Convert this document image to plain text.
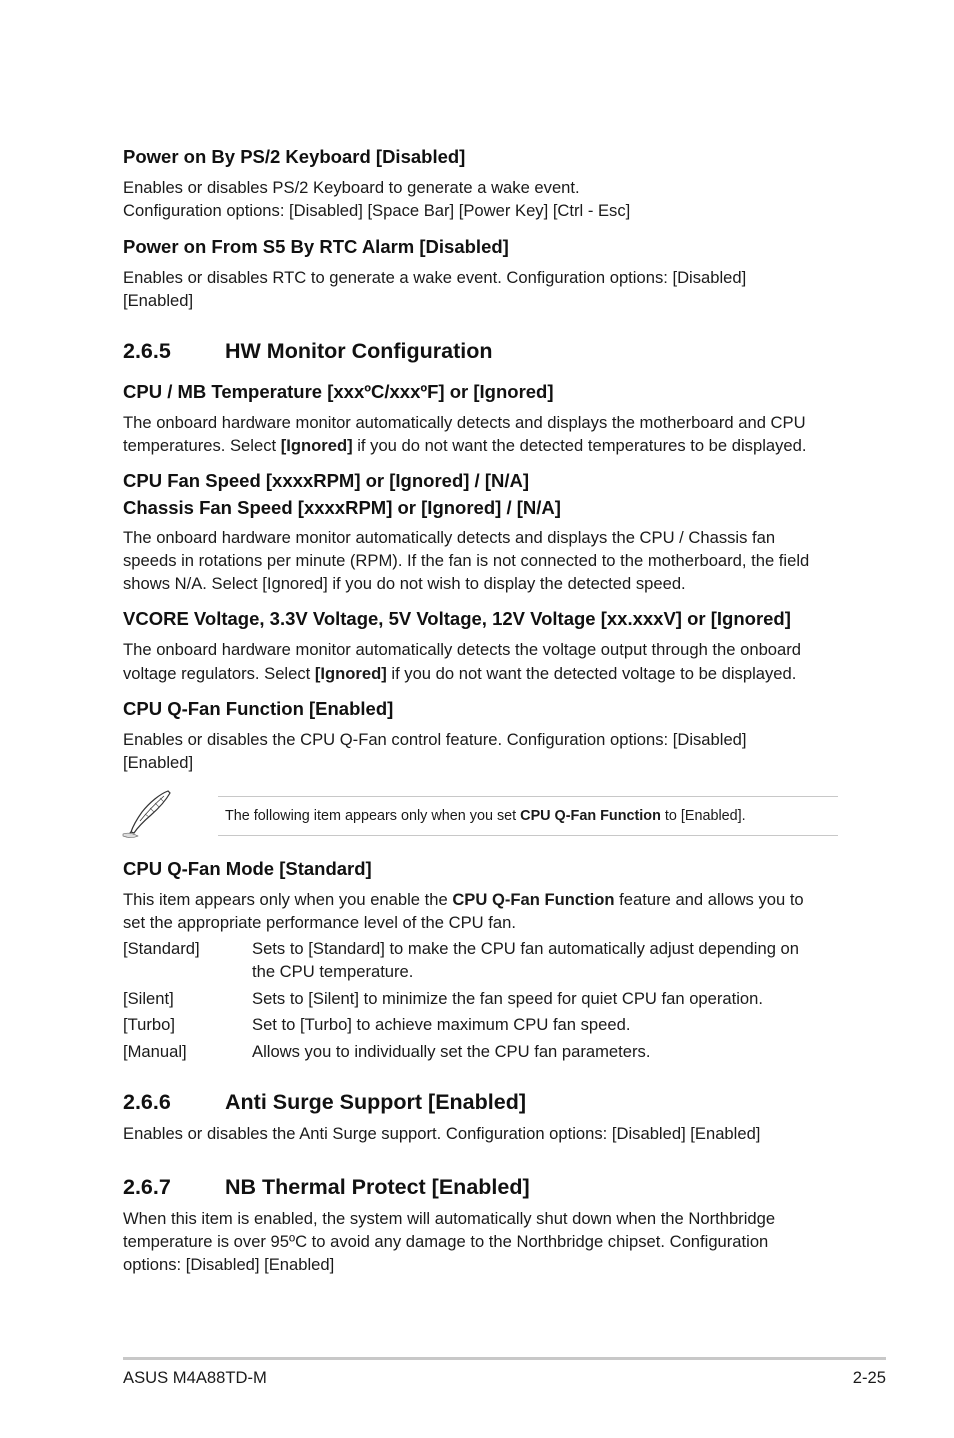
Power on By PS/2 Keyboard [Disabled]
Enables or disables PS/2 Keyboard to generate a wake event.
Configuration options: [Disabled] [Space Bar] [Power Key] [Ctrl - Esc]
Power on From S5 By RTC Alarm [Disabled]
Enables or disables RTC to generate a wake event. Configuration options: [Disabled]
[Enabled]
2.6.5	HW Monitor Configuration
CPU / MB Temperature [xxxºC/xxxºF] or [Ignored]
The onboard hardware monitor automatically detects and displays the motherboard and CPU
temperatures. Select [Ignored] if you do not want the detected temperatures to be displayed.
CPU Fan Speed [xxxxRPM] or [Ignored] / [N/A]
Chassis Fan Speed [xxxxRPM] or [Ignored] / [N/A]
The onboard hardware monitor automatically detects and displays the CPU / Chassis fan
speeds in rotations per minute (RPM). If the fan is not connected to the motherboard, the field
shows N/A. Select [Ignored] if you do not wish to display the detected speed.
VCORE Voltage, 3.3V Voltage, 5V Voltage, 12V Voltage [xx.xxxV] or [Ignored]
The onboard hardware monitor automatically detects the voltage output through the onboard
voltage regulators. Select [Ignored] if you do not want the detected voltage to be displayed.
CPU Q-Fan Function [Enabled]
Enables or disables the CPU Q-Fan control feature. Configuration options: [Disabled]
[Enabled]
The following item appears only when you set CPU Q-Fan Function to [Enabled].
CPU Q-Fan Mode [Standard]
This item appears only when you enable the CPU Q-Fan Function feature and allows you to
set the appropriate performance level of the CPU fan.
[Standard]	Sets to [Standard] to make the CPU fan automatically adjust depending on
the CPU temperature.
[Silent]	Sets to [Silent] to minimize the fan speed for quiet CPU fan operation.
[Turbo]	Set to [Turbo] to achieve maximum CPU fan speed.
[Manual]	Allows you to individually set the CPU fan parameters.
2.6.6	Anti Surge Support [Enabled]
Enables or disables the Anti Surge support. Configuration options: [Disabled] [Enabled]
2.6.7	NB Thermal Protect [Enabled]
When this item is enabled, the system will automatically shut down when the Northbridge
temperature is over 95ºC to avoid any damage to the Northbridge chipset. Configuration
options: [Disabled] [Enabled]
ASUS M4A88TD-M	2-25
